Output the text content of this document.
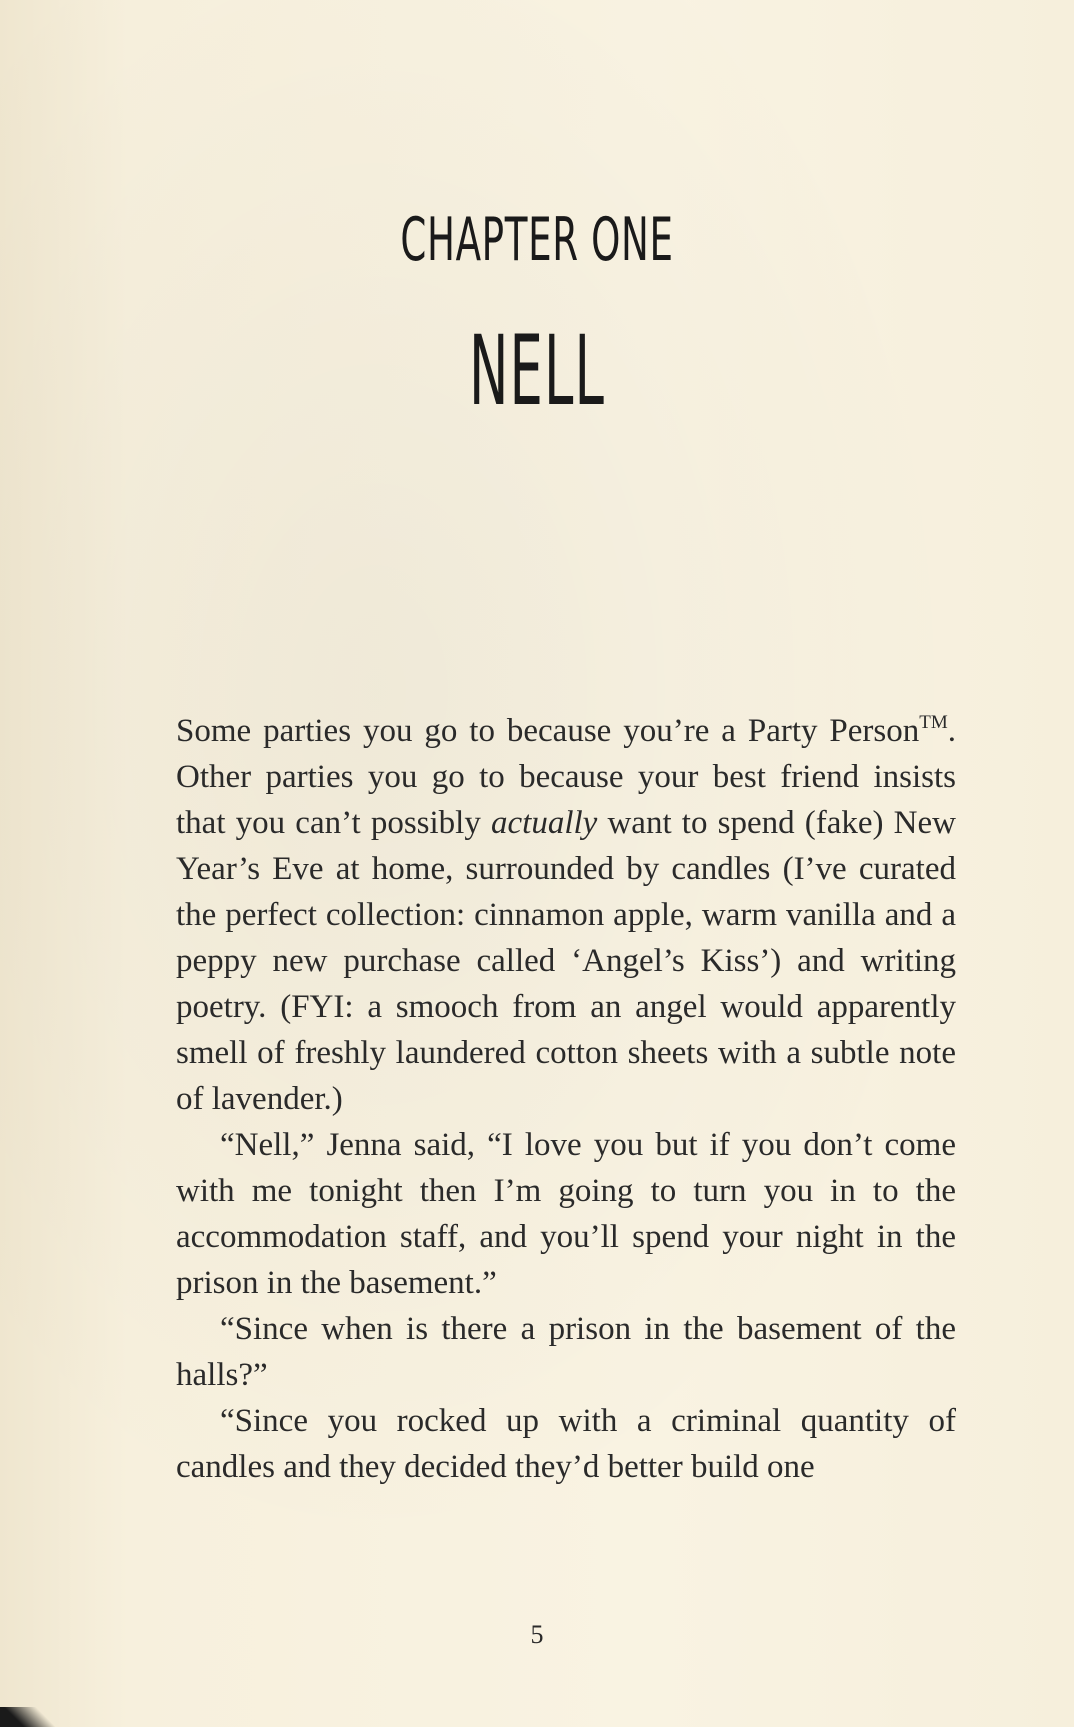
CHAPTER ONE
NELL

Some parties you go to because you’re a Party Person™. Other parties you go to because your best friend insists that you can’t possibly actually want to spend (fake) New Year’s Eve at home, surrounded by candles (I’ve curated the perfect collection: cinnamon apple, warm vanilla and a peppy new purchase called ‘Angel’s Kiss’) and writing poetry. (FYI: a smooch from an angel would apparently smell of freshly laundered cotton sheets with a subtle note of lavender.)

“Nell,” Jenna said, “I love you but if you don’t come with me tonight then I’m going to turn you in to the accommodation staff, and you’ll spend your night in the prison in the basement.”

“Since when is there a prison in the basement of the halls?”

“Since you rocked up with a criminal quantity of candles and they decided they’d better build one

5
